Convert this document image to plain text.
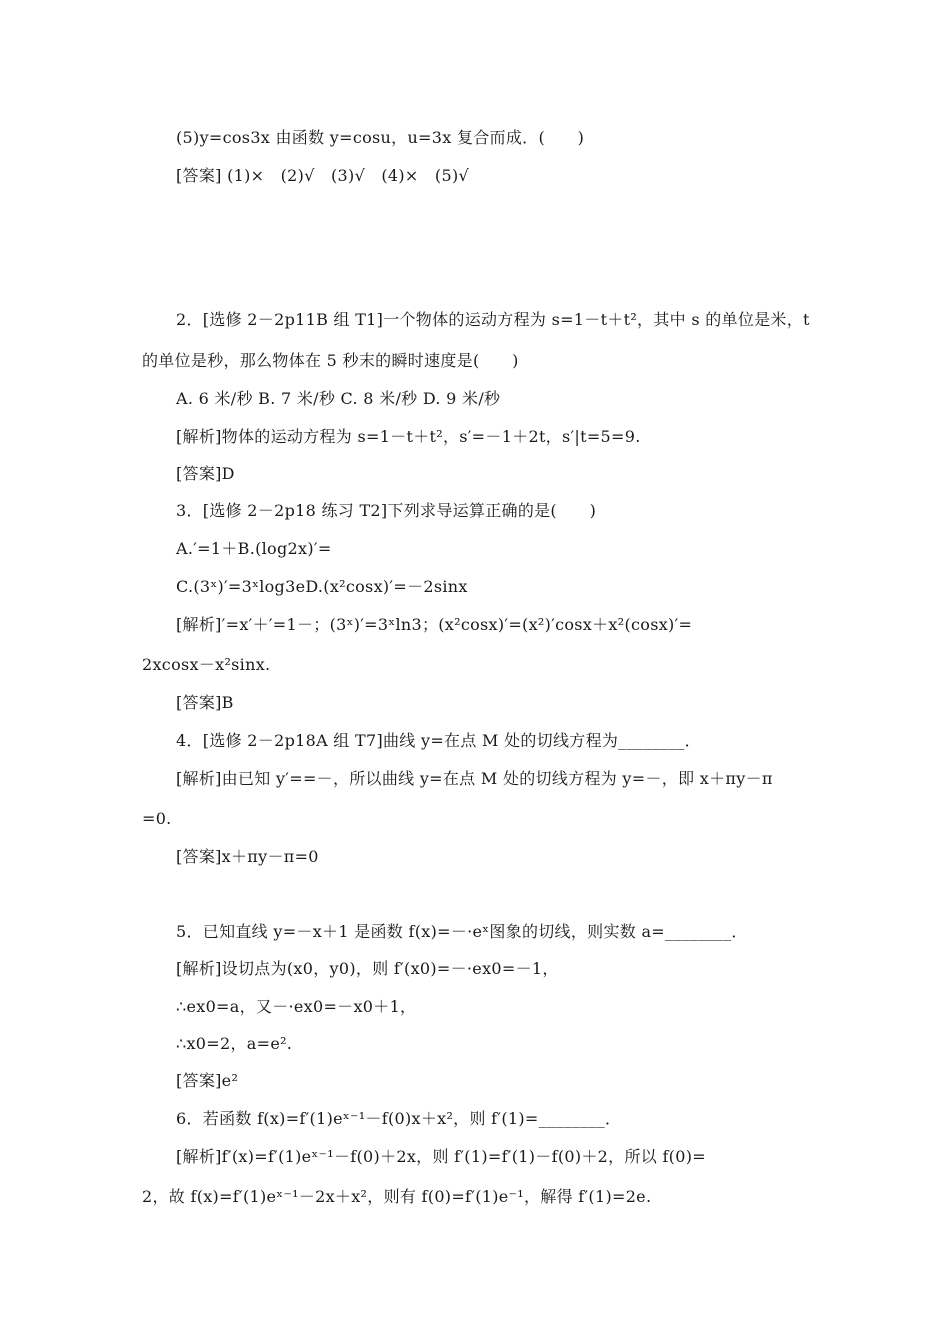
(5)y=cos3x 由函数 y=cosu，u=3x 复合而成．(　　)
[答案] (1)×　(2)√　(3)√　(4)×　(5)√
2．[选修 2－2p11B 组 T1]一个物体的运动方程为 s=1－t＋t²，其中 s 的单位是米，t
的单位是秒，那么物体在 5 秒末的瞬时速度是(　　)
A. 6 米/秒 B. 7 米/秒 C. 8 米/秒 D. 9 米/秒
[解析]物体的运动方程为 s=1－t＋t²，s′=－1＋2t，s′|t=5=9.
[答案]D
3．[选修 2－2p18 练习 T2]下列求导运算正确的是(　　)
A.′=1＋B.(log2x)′=
C.(3ˣ)′=3ˣlog3eD.(x²cosx)′=－2sinx
[解析]′=x′＋′=1－；(3ˣ)′=3ˣln3；(x²cosx)′=(x²)′cosx＋x²(cosx)′=
2xcosx－x²sinx.
[答案]B
4．[选修 2－2p18A 组 T7]曲线 y=在点 M 处的切线方程为________．
[解析]由已知 y′==－，所以曲线 y=在点 M 处的切线方程为 y=－，即 x＋πy－π
=0.
[答案]x＋πy－π=0
5．已知直线 y=－x＋1 是函数 f(x)=－·eˣ图象的切线，则实数 a=________．
[解析]设切点为(x0，y0)，则 f′(x0)=－·ex0=－1，
∴ex0=a，又－·ex0=－x0＋1，
∴x0=2，a=e².
[答案]e²
6．若函数 f(x)=f′(1)eˣ⁻¹－f(0)x＋x²，则 f′(1)=________．
[解析]f′(x)=f′(1)eˣ⁻¹－f(0)＋2x，则 f′(1)=f′(1)－f(0)＋2，所以 f(0)=
2，故 f(x)=f′(1)eˣ⁻¹－2x＋x²，则有 f(0)=f′(1)e⁻¹，解得 f′(1)=2e.
